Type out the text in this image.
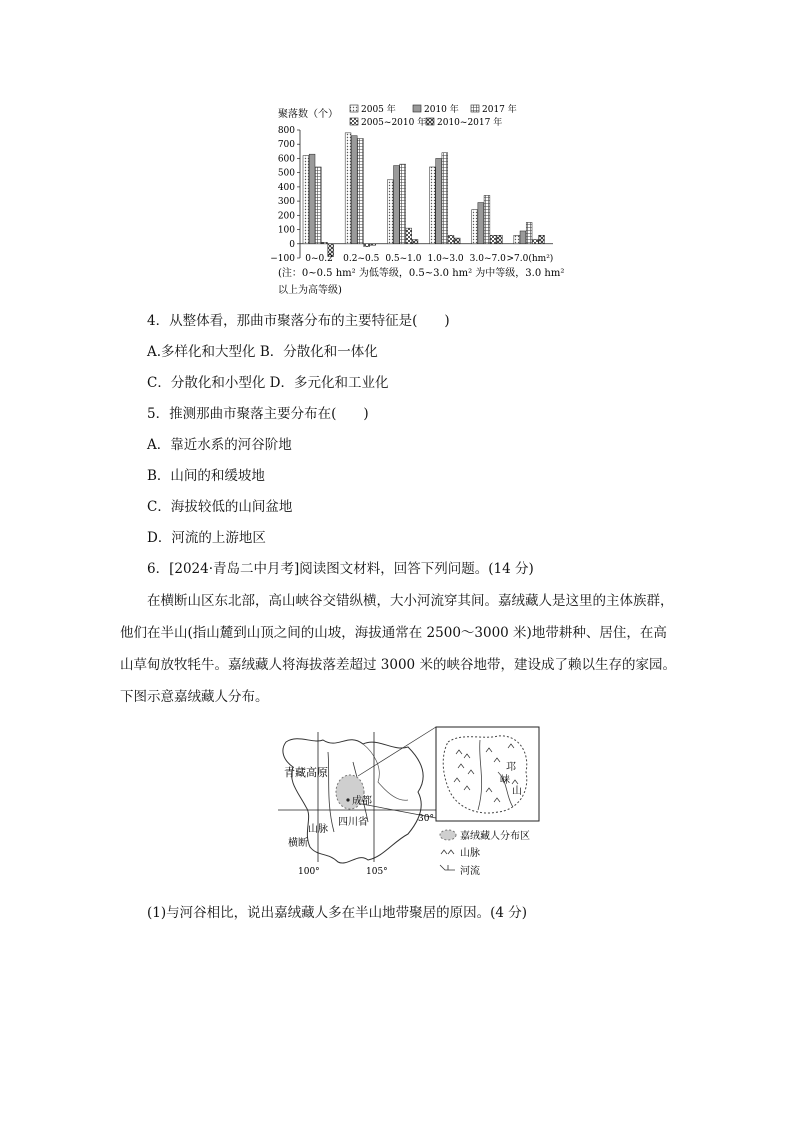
聚落数（个）	2005 年	2010 年	2017 年
2005~2010 年 2010~2017 年
800
700
600
500
400
300
200
100
0
−100 0~0.2 0.2~0.5 0.5~1.0 1.0~3.0 3.0~7.0 >7.0(hm²)
(注：0~0.5 hm² 为低等级，0.5~3.0 hm² 为中等级，3.0 hm²
以上为高等级)
4．从整体看，那曲市聚落分布的主要特征是(　　)
A.多样化和大型化 B．分散化和一体化
C．分散化和小型化 D．多元化和工业化
5．推测那曲市聚落主要分布在(　　)
A．靠近水系的河谷阶地
B．山间的和缓坡地
C．海拔较低的山间盆地
D．河流的上游地区
6．[2024·青岛二中月考]阅读图文材料，回答下列问题。(14 分)
在横断山区东北部，高山峡谷交错纵横，大小河流穿其间。嘉绒藏人是这里的主体族群，
他们在半山(指山麓到山顶之间的山坡，海拔通常在 2500～3000 米)地带耕种、居住，在高
山草甸放牧牦牛。嘉绒藏人将海拔落差超过 3000 米的峡谷地带，建设成了赖以生存的家园。
下图示意嘉绒藏人分布。
青藏高原
成都
四川省
山 脉
横 断
30°
100°	105°
邛
崃
山
嘉绒藏人分布区
山脉
河流
(1)与河谷相比，说出嘉绒藏人多在半山地带聚居的原因。(4 分)
